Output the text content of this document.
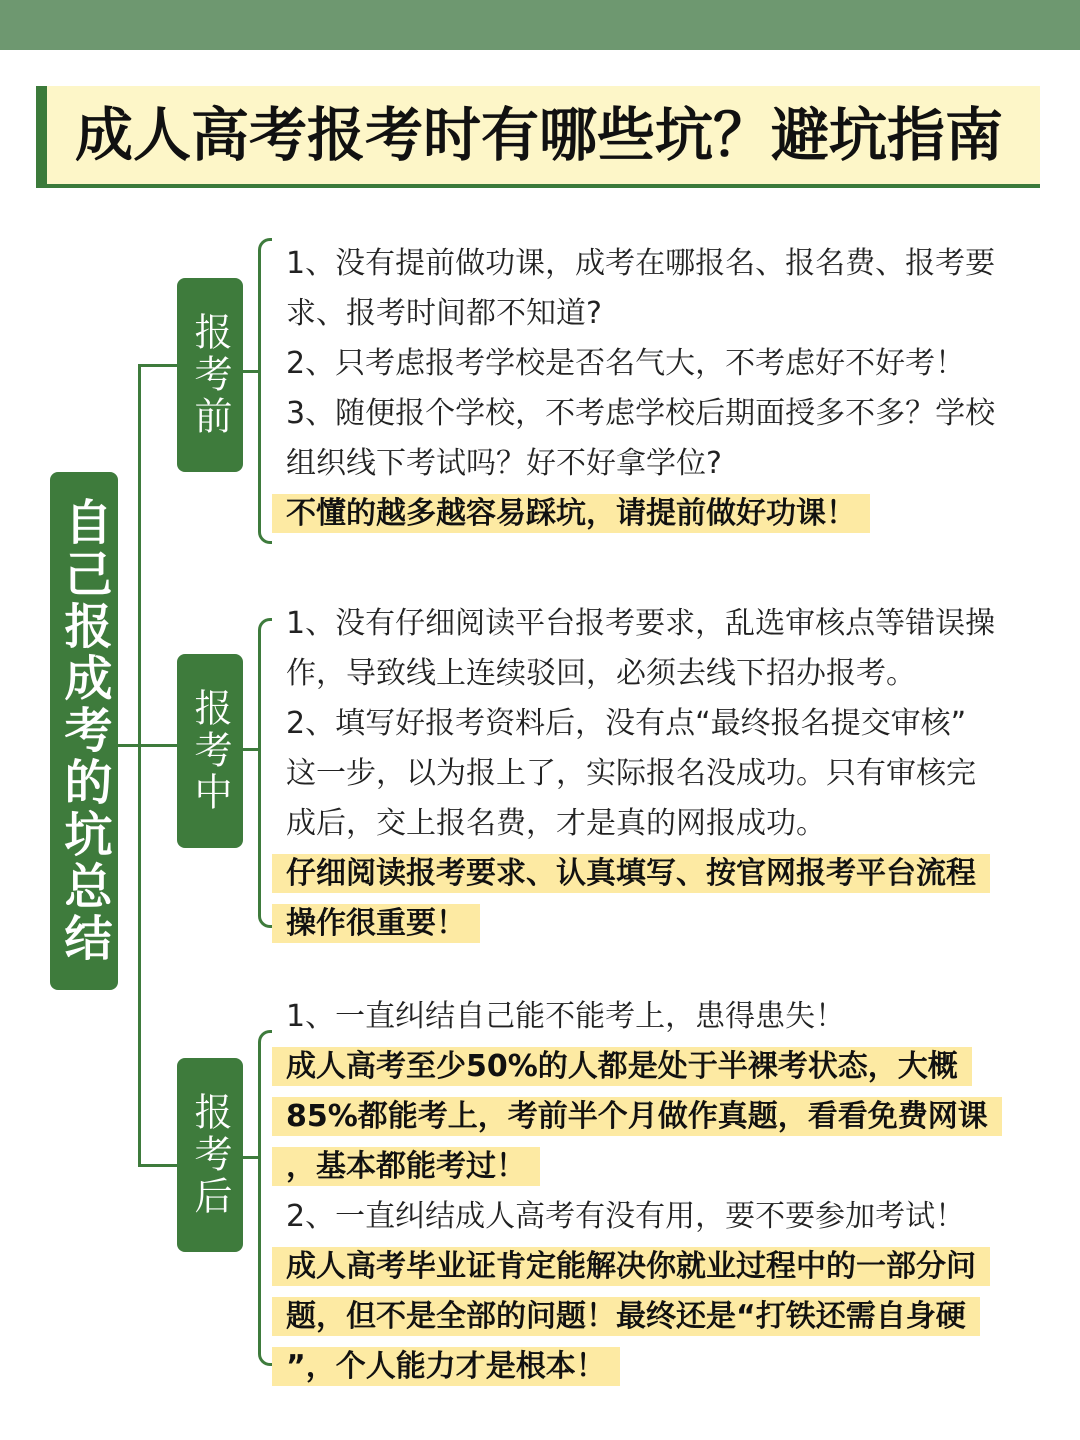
成人高考报考时有哪些坑？避坑指南
自己报成考的坑总结
报考前
报考中
报考后

1、没有提前做功课，成考在哪报名、报名费、报考要

求、报考时间都不知道?

2、只考虑报考学校是否名气大，不考虑好不好考！

3、随便报个学校，不考虑学校后期面授多不多？学校

组织线下考试吗？好不好拿学位?

不懂的越多越容易踩坑，请提前做好功课！

1、没有仔细阅读平台报考要求，乱选审核点等错误操

作，导致线上连续驳回，必须去线下招办报考。

2、填写好报考资料后，没有点“最终报名提交审核”

这一步，以为报上了，实际报名没成功。只有审核完

成后，交上报名费，才是真的网报成功。

仔细阅读报考要求、认真填写、按官网报考平台流程

操作很重要！

1、一直纠结自己能不能考上，患得患失！

成人高考至少50%的人都是处于半裸考状态，大概

85%都能考上，考前半个月做作真题，看看免费网课

，基本都能考过！

2、一直纠结成人高考有没有用，要不要参加考试！

成人高考毕业证肯定能解决你就业过程中的一部分问

题，但不是全部的问题！最终还是“打铁还需自身硬

”，个人能力才是根本！
